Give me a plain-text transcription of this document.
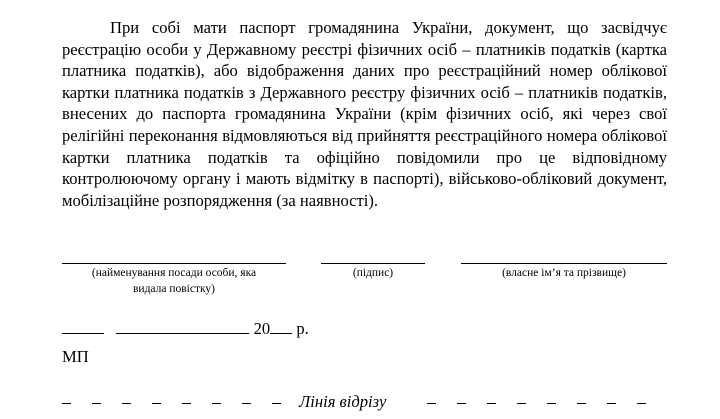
При собі мати паспорт громадянина України, документ, що засвідчує реєстрацію особи у Державному реєстрі фізичних осіб – платників податків (картка платника податків), або відображення даних про реєстраційний номер облікової картки платника податків з Державного реєстру фізичних осіб – платників податків, внесених до паспорта громадянина України (крім фізичних осіб, які через свої релігійні переконання відмовляються від прийняття реєстраційного номера облікової картки платника податків та офіційно повідомили про це відповідному контролюючому органу і мають відмітку в паспорті), військово-обліковий документ, мобілізаційне розпорядження (за наявності).

(найменування посади особи, яка
видала повістку)
(підпис)	(власне ім’я та прізвище)
20 р.
МП
Лінія відрізу
